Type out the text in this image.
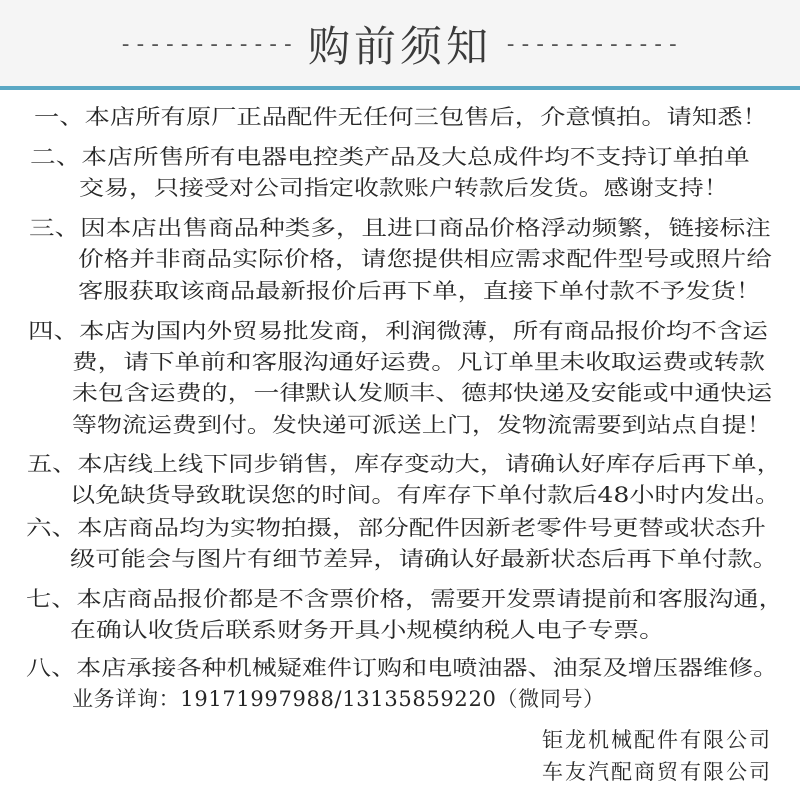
------------ 购前须知 ------------
一、本店所有原厂正品配件无任何三包售后，介意慎拍。请知悉！
二、本店所售所有电器电控类产品及大总成件均不支持订单拍单
交易，只接受对公司指定收款账户转款后发货。感谢支持！
三、因本店出售商品种类多，且进口商品价格浮动频繁，链接标注
价格并非商品实际价格，请您提供相应需求配件型号或照片给
客服获取该商品最新报价后再下单，直接下单付款不予发货！
四、本店为国内外贸易批发商，利润微薄，所有商品报价均不含运
费，请下单前和客服沟通好运费。凡订单里未收取运费或转款
未包含运费的，一律默认发顺丰、德邦快递及安能或中通快运
等物流运费到付。发快递可派送上门，发物流需要到站点自提！
五、本店线上线下同步销售，库存变动大，请确认好库存后再下单，
以免缺货导致耽误您的时间。有库存下单付款后48小时内发出。
六、本店商品均为实物拍摄，部分配件因新老零件号更替或状态升
级可能会与图片有细节差异，请确认好最新状态后再下单付款。
七、本店商品报价都是不含票价格，需要开发票请提前和客服沟通，
在确认收货后联系财务开具小规模纳税人电子专票。
八、本店承接各种机械疑难件订购和电喷油器、油泵及增压器维修。
业务详询：19171997988/13135859220（微同号）
钜龙机械配件有限公司
车友汽配商贸有限公司
